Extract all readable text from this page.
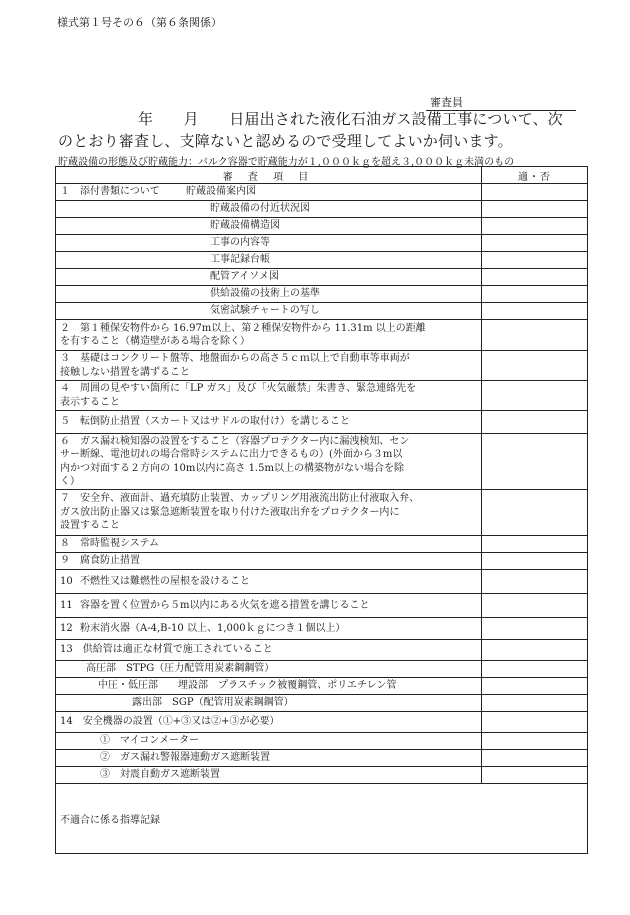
様式第１号その６（第６条関係）
審査員
年　　月　　日届出された液化石油ガス設備工事について、次
のとおり審査し、支障ないと認めるので受理してよいか伺います。
貯蔵設備の形態及び貯蔵能力：バルク容器で貯蔵能力が１,０００ｋｇを超え３,０００ｋｇ未満のもの
審 査 項 目	適・否
１　添付書類について 貯蔵設備案内図	
貯蔵設備の付近状況図	
貯蔵設備構造図	
工事の内容等	
工事記録台帳	
配管アイソメ図	
供給設備の技術上の基準	
気密試験チャートの写し	
２ 第１種保安物件から 16.97m以上、第２種保安物件から 11.31m 以上の距離
を有すること（構造壁がある場合を除く）	
３ 基礎はコンクリート盤等、地盤面からの高さ５ｃｍ以上で自動車等車両が
接触しない措置を講ずること	
４ 周囲の見やすい箇所に「LP ガス」及び「火気厳禁」朱書き、緊急連絡先を
表示すること	
５ 転倒防止措置（スカート又はサドルの取付け）を講じること	
６ ガス漏れ検知器の設置をすること（容器プロテクター内に漏洩検知、セン
サー断線、電池切れの場合常時システムに出力できるもの）(外面から３m以
内かつ対面する２方向の 10m以内に高さ 1.5m以上の構築物がない場合を除
く）	
７ 安全弁、液面計、過充填防止装置、カップリング用液流出防止付液取入弁、
ガス放出防止器又は緊急遮断装置を取り付けた液取出弁をプロテクター内に
設置すること	
８ 常時監視システム	
９ 腐食防止措置	
10 不燃性又は難燃性の屋根を設けること	
11 容器を置く位置から５m以内にある火気を遮る措置を講じること	
12 粉末消火器（A-4,B-10 以上、1,000ｋｇにつき１個以上）	
13　供給管は適正な材質で施工されていること	
高圧部　STPG（圧力配管用炭素鋼鋼管）	
中圧・低圧部　　埋設部　プラスチック被覆鋼管、ポリエチレン管	
露出部　SGP（配管用炭素鋼鋼管）	
14　安全機器の設置（①+③又は②+③が必要）	
①　マイコンメーター	
②　ガス漏れ警報器連動ガス遮断装置	
③　対震自動ガス遮断装置	
不適合に係る指導記録	
